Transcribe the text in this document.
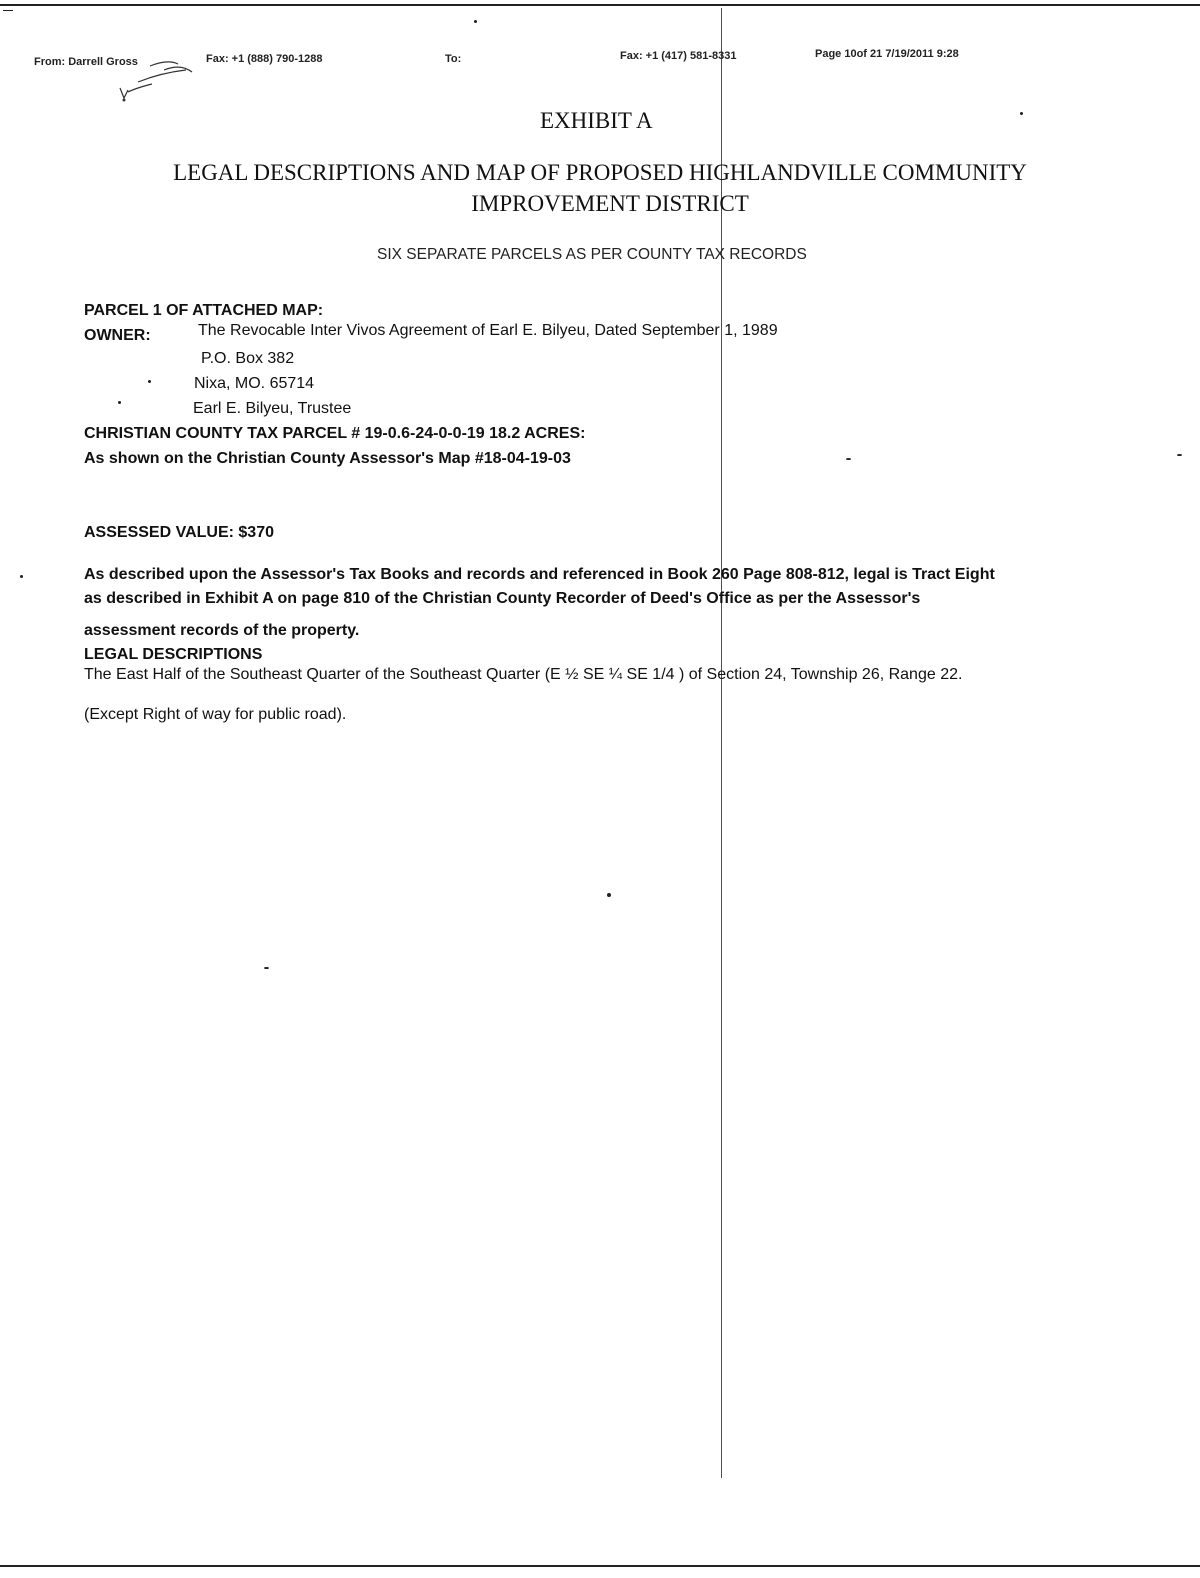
From: Darrell Gross	Fax: +1 (888) 790-1288	To:	Fax: +1 (417) 581-8331	Page 10of 21 7/19/2011 9:28
EXHIBIT A
LEGAL DESCRIPTIONS AND MAP OF PROPOSED HIGHLANDVILLE COMMUNITY
IMPROVEMENT DISTRICT
SIX SEPARATE PARCELS AS PER COUNTY TAX RECORDS
PARCEL 1 OF ATTACHED MAP:
OWNER:	The Revocable Inter Vivos Agreement of Earl E. Bilyeu, Dated September 1, 1989
P.O. Box 382
Nixa, MO. 65714
Earl E. Bilyeu, Trustee
CHRISTIAN COUNTY TAX PARCEL # 19-0.6-24-0-0-19 18.2 ACRES:
As shown on the Christian County Assessor's Map #18-04-19-03
ASSESSED VALUE: $370
As described upon the Assessor's Tax Books and records and referenced in Book 260 Page 808-812, legal is Tract Eight
as described in Exhibit A on page 810 of the Christian County Recorder of Deed's Office as per the Assessor's
assessment records of the property.
LEGAL DESCRIPTIONS
The East Half of the Southeast Quarter of the Southeast Quarter (E ½ SE ¼ SE 1/4 ) of Section 24, Township 26, Range 22.
(Except Right of way for public road).
